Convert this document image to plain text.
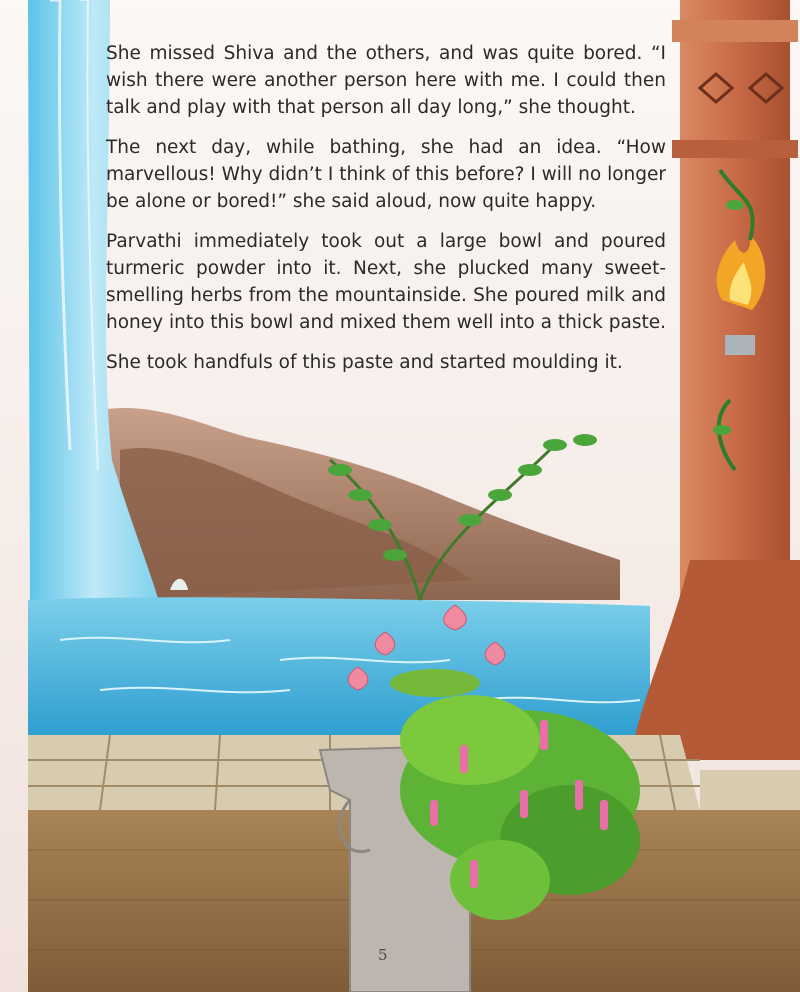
She missed Shiva and the others, and was quite bored. “I wish there were another person here with me. I could then talk and play with that person all day long,” she thought.

The next day, while bathing, she had an idea. “How marvellous! Why didn’t I think of this before? I will no longer be alone or bored!” she said aloud, now quite happy.

Parvathi immediately took out a large bowl and poured turmeric powder into it. Next, she plucked many sweet-smelling herbs from the mountainside. She poured milk and honey into this bowl and mixed them well into a thick paste.

She took handfuls of this paste and started moulding it.

5
